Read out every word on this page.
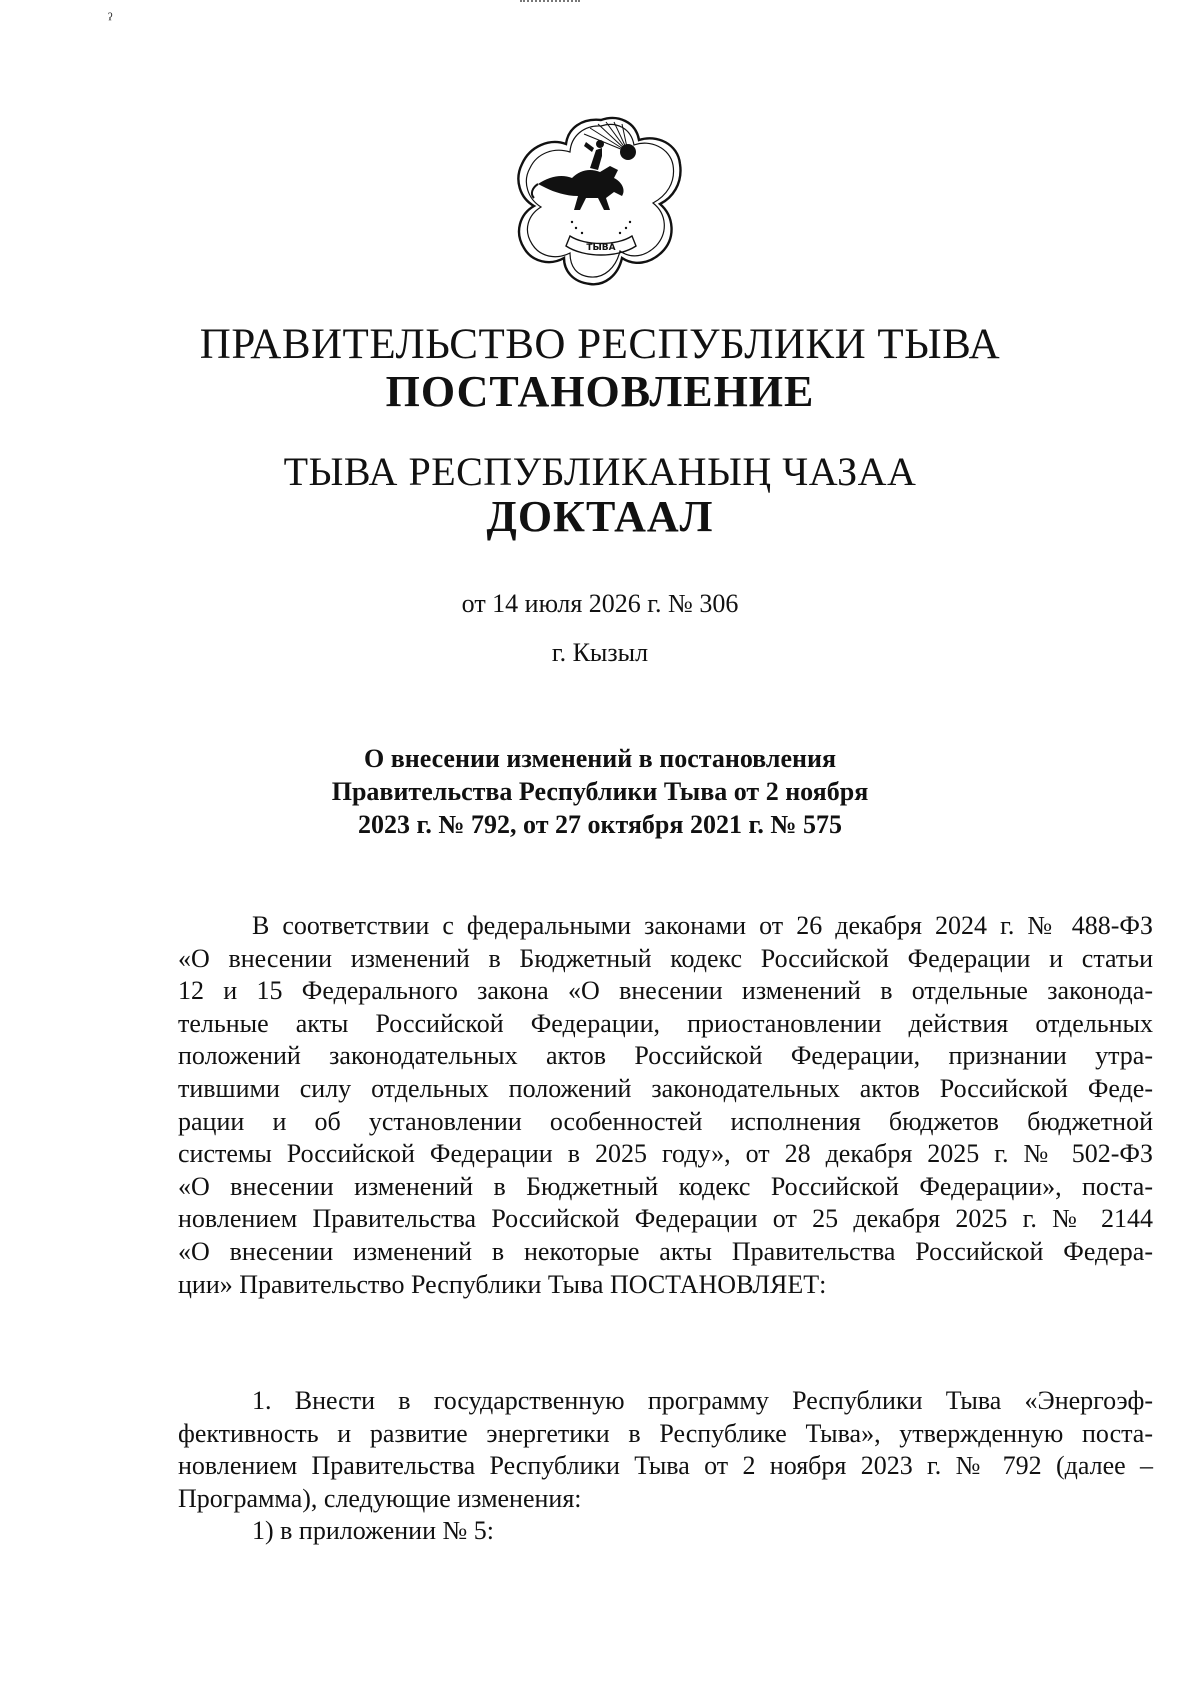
ˀ
ТЫВА
ПРАВИТЕЛЬСТВО РЕСПУБЛИКИ ТЫВА
ПОСТАНОВЛЕНИЕ
ТЫВА РЕСПУБЛИКАНЫҢ ЧАЗАА
ДОКТААЛ
от 14 июля 2026 г. № 306
г. Кызыл
О внесении изменений в постановления
Правительства Республики Тыва от 2 ноября
2023 г. № 792, от 27 октября 2021 г. № 575
В соответствии с федеральными законами от 26 декабря 2024 г. № 488-ФЗ
«О внесении изменений в Бюджетный кодекс Российской Федерации и статьи
12 и 15 Федерального закона «О внесении изменений в отдельные законода-
тельные акты Российской Федерации, приостановлении действия отдельных
положений законодательных актов Российской Федерации, признании утра-
тившими силу отдельных положений законодательных актов Российской Феде-
рации и об установлении особенностей исполнения бюджетов бюджетной
системы Российской Федерации в 2025 году», от 28 декабря 2025 г. № 502-ФЗ
«О внесении изменений в Бюджетный кодекс Российской Федерации», поста-
новлением Правительства Российской Федерации от 25 декабря 2025 г. № 2144
«О внесении изменений в некоторые акты Правительства Российской Федера-
ции» Правительство Республики Тыва ПОСТАНОВЛЯЕТ:
1. Внести в государственную программу Республики Тыва «Энергоэф-
фективность и развитие энергетики в Республике Тыва», утвержденную поста-
новлением Правительства Республики Тыва от 2 ноября 2023 г. № 792 (далее –
Программа), следующие изменения:
1) в приложении № 5:
